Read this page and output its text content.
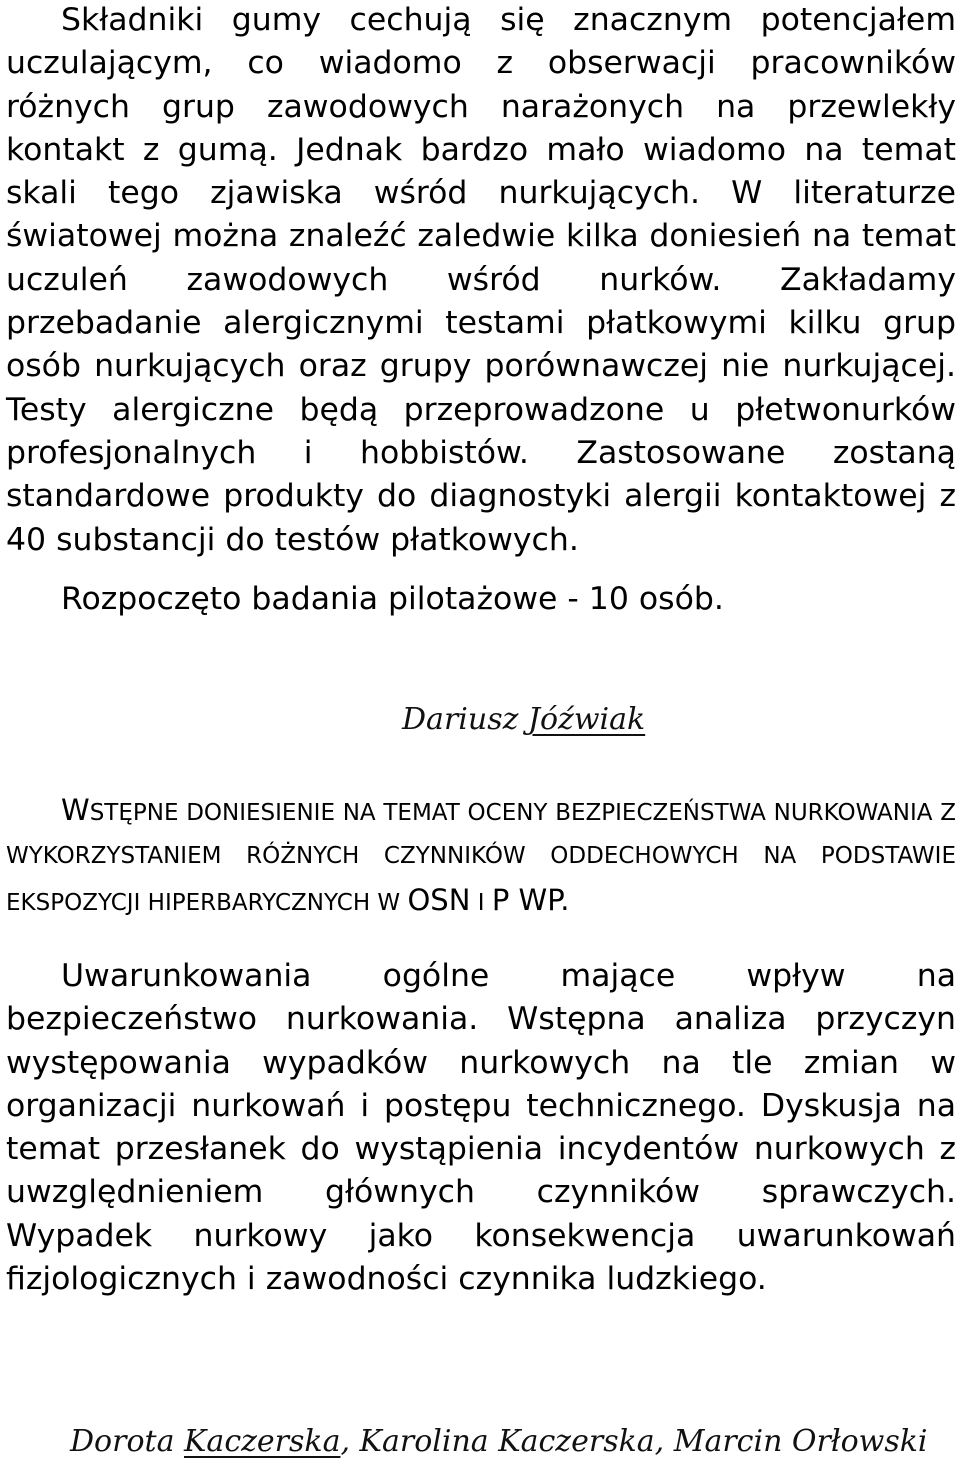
Składniki gumy cechują się znacznym potencjałem uczulającym, co wiadomo z obserwacji pracowników różnych grup zawodowych narażonych na przewlekły kontakt z gumą. Jednak bardzo mało wiadomo na temat skali tego zjawiska wśród nurkujących. W literaturze światowej można znaleźć zaledwie kilka doniesień na temat uczuleń zawodowych wśród nurków. Zakładamy przebadanie alergicznymi testami płatkowymi kilku grup osób nurkujących oraz grupy porównawczej nie nurkującej. Testy alergiczne będą przeprowadzone u płetwonurków profesjonalnych i hobbistów. Zastosowane zostaną standardowe produkty do diagnostyki alergii kontaktowej z 40 substancji do testów płatkowych.

Rozpoczęto badania pilotażowe - 10 osób.

Dariusz Jóźwiak

WSTĘPNE DONIESIENIE NA TEMAT OCENY BEZPIECZEŃSTWA NURKOWANIA Z WYKORZYSTANIEM RÓŻNYCH CZYNNIKÓW ODDECHOWYCH NA PODSTAWIE EKSPOZYCJI HIPERBARYCZNYCH W OSN I P WP.

Uwarunkowania ogólne mające wpływ na bezpieczeństwo nurkowania. Wstępna analiza przyczyn występowania wypadków nurkowych na tle zmian w organizacji nurkowań i postępu technicznego. Dyskusja na temat przesłanek do wystąpienia incydentów nurkowych z uwzględnieniem głównych czynników sprawczych. Wypadek nurkowy jako konsekwencja uwarunkowań fizjologicznych i zawodności czynnika ludzkiego.

Dorota Kaczerska, Karolina Kaczerska, Marcin Orłowski
